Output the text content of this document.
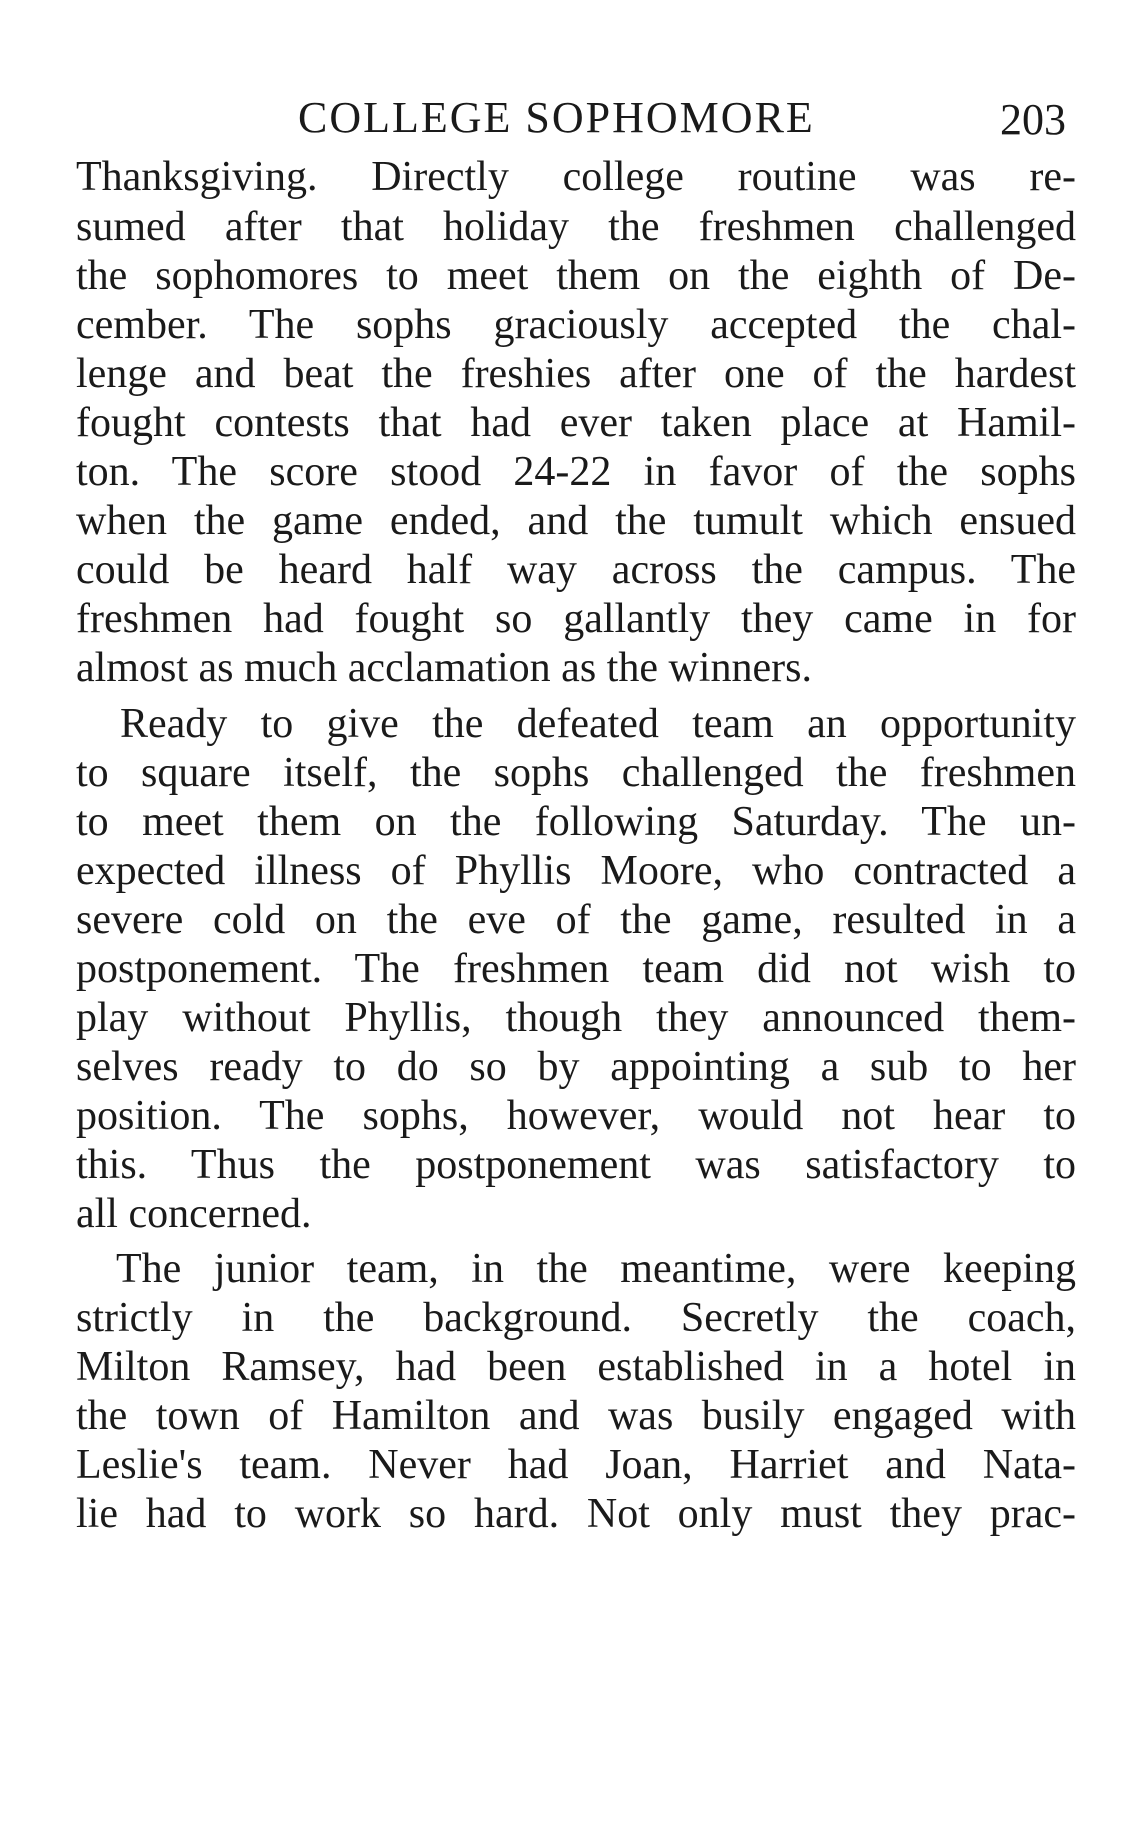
COLLEGE SOPHOMORE	203
Thanksgiving. Directly college routine was re-
sumed after that holiday the freshmen challenged
the sophomores to meet them on the eighth of De-
cember. The sophs graciously accepted the chal-
lenge and beat the freshies after one of the hardest
fought contests that had ever taken place at Hamil-
ton. The score stood 24-22 in favor of the sophs
when the game ended, and the tumult which ensued
could be heard half way across the campus. The
freshmen had fought so gallantly they came in for
almost as much acclamation as the winners.
Ready to give the defeated team an opportunity
to square itself, the sophs challenged the freshmen
to meet them on the following Saturday. The un-
expected illness of Phyllis Moore, who contracted a
severe cold on the eve of the game, resulted in a
postponement. The freshmen team did not wish to
play without Phyllis, though they announced them-
selves ready to do so by appointing a sub to her
position. The sophs, however, would not hear to
this. Thus the postponement was satisfactory to
all concerned.
The junior team, in the meantime, were keeping
strictly in the background. Secretly the coach,
Milton Ramsey, had been established in a hotel in
the town of Hamilton and was busily engaged with
Leslie's team. Never had Joan, Harriet and Nata-
lie had to work so hard. Not only must they prac-
